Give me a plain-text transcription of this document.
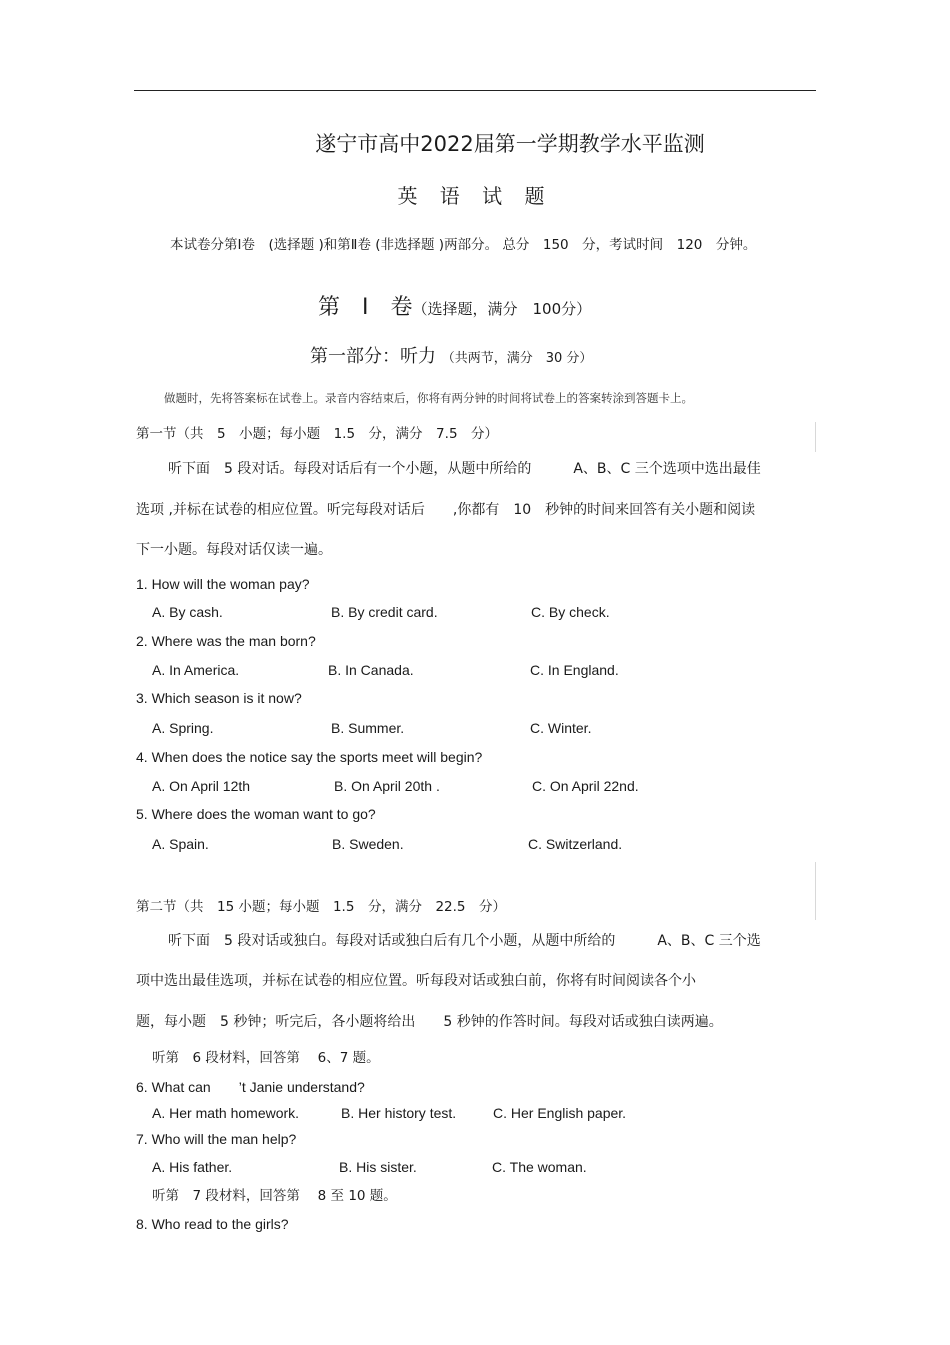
遂宁市高中2022届第一学期教学水平监测
英 语 试 题
本试卷分第Ⅰ卷　(选择题 )和第Ⅱ卷 (非选择题 )两部分。 总分　150　分，考试时间　120　分钟。
第　Ⅰ　卷（选择题，满分　100分）
第一部分：听力 （共两节，满分　30 分）
做题时，先将答案标在试卷上。录音内容结束后，你将有两分钟的时间将试卷上的答案转涂到答题卡上。
第一节（共　5　小题；每小题　1.5　分，满分　7.5　分）
听下面　5 段对话。每段对话后有一个小题，从题中所给的　　　A、B、C 三个选项中选出最佳
选项 ,并标在试卷的相应位置。听完每段对话后　　,你都有　10　秒钟的时间来回答有关小题和阅读
下一小题。每段对话仅读一遍。
1. How will the woman pay?
A. By cash.	B. By credit card.	C. By check.
2. Where was the man born?
A. In America.	B. In Canada.	C. In England.
3. Which season is it now?
A. Spring.	B. Summer.	C. Winter.
4. When does the notice say the sports meet will begin?
A. On April 12th	B. On April 20th .	C. On April 22nd.
5. Where does the woman want to go?
A. Spain.	B. Sweden.	C. Switzerland.
第二节（共　15 小题；每小题　1.5　分，满分　22.5　分）
听下面　5 段对话或独白。每段对话或独白后有几个小题，从题中所给的　　　A、B、C 三个选
项中选出最佳选项，并标在试卷的相应位置。听每段对话或独白前，你将有时间阅读各个小
题，每小题　5 秒钟；听完后，各小题将给出　　5 秒钟的作答时间。每段对话或独白读两遍。
听第　6 段材料，回答第　 6、7 题。
6. What can　　’t Janie understand?
A. Her math homework.	B. Her history test.	C. Her English paper.
7. Who will the man help?
A. His father.	B. His sister.	C. The woman.
听第　7 段材料，回答第　 8 至 10 题。
8. Who read to the girls?
